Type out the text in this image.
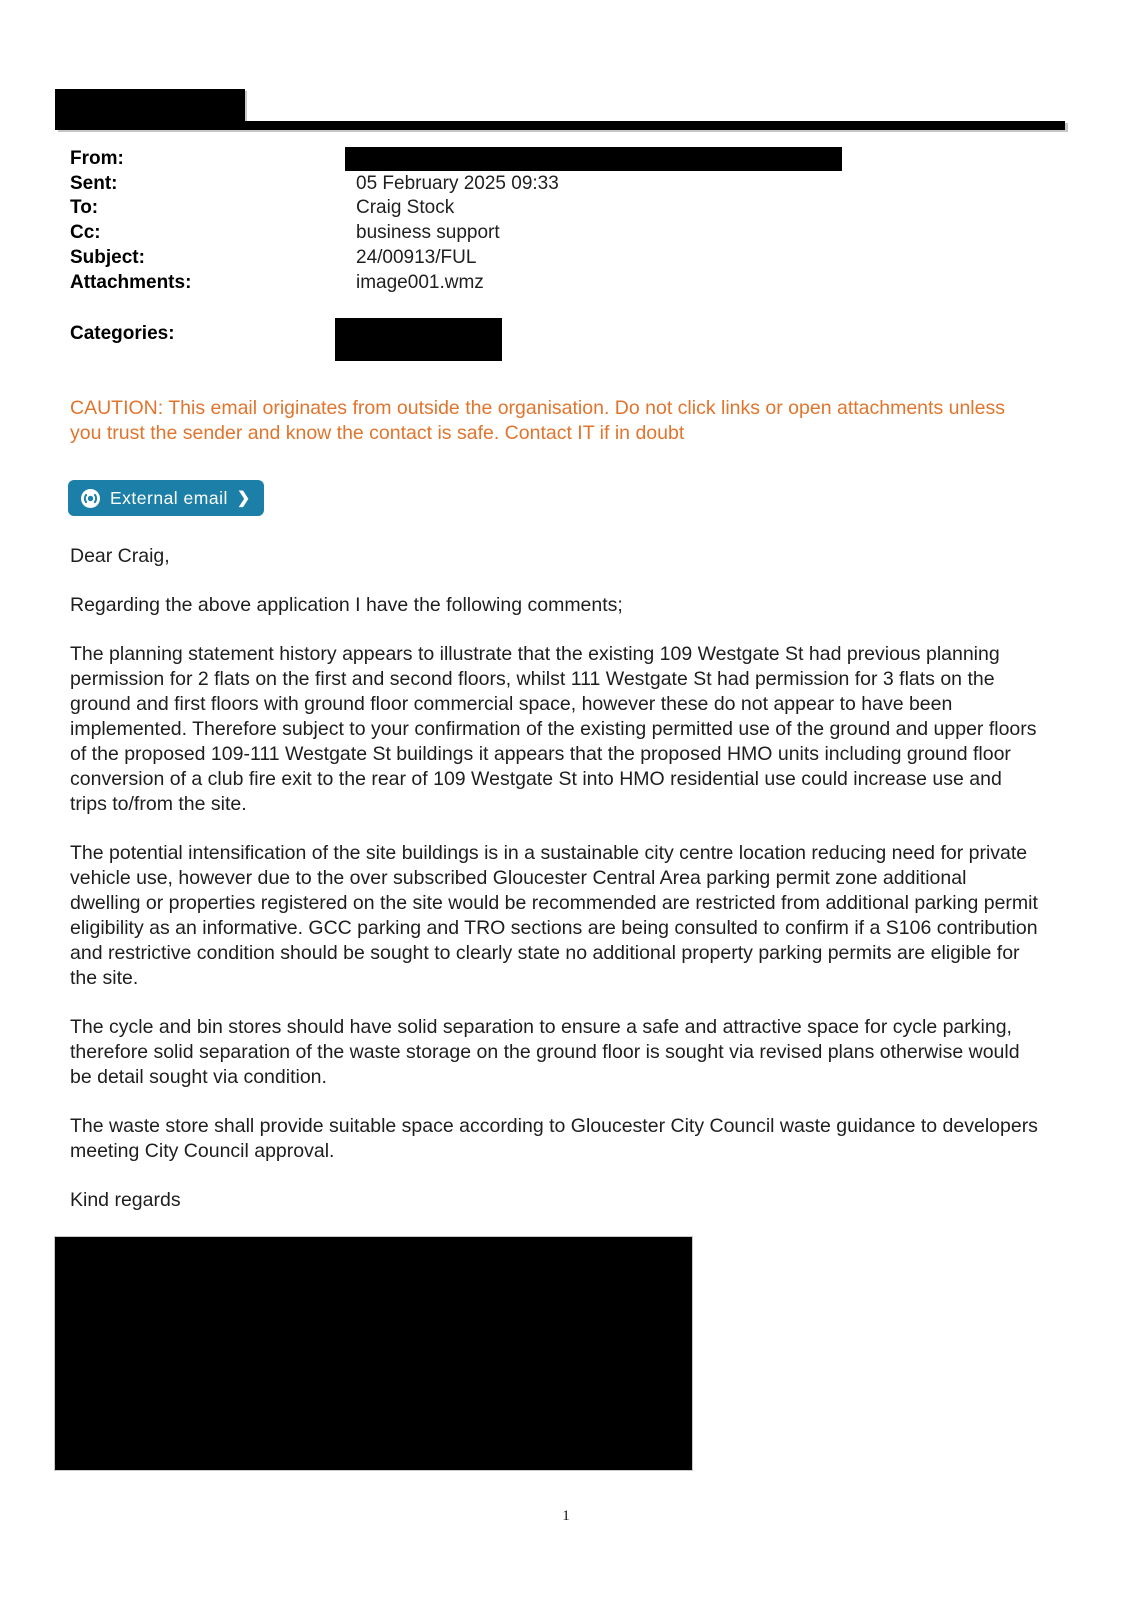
From:
Sent:	05 February 2025 09:33
To:	Craig Stock
Cc:	business support
Subject:	24/00913/FUL
Attachments:	image001.wmz
Categories:

CAUTION: This email originates from outside the organisation. Do not click links or open attachments unless you trust the sender and know the contact is safe. Contact IT if in doubt

External email ❯

Dear Craig,

Regarding the above application I have the following comments;

The planning statement history appears to illustrate that the existing 109 Westgate St had previous planning permission for 2 flats on the first and second floors, whilst 111 Westgate St had permission for 3 flats on the ground and first floors with ground floor commercial space, however these do not appear to have been implemented. Therefore subject to your confirmation of the existing permitted use of the ground and upper floors of the proposed 109-111 Westgate St buildings it appears that the proposed HMO units including ground floor conversion of a club fire exit to the rear of 109 Westgate St into HMO residential use could increase use and trips to/from the site.

The potential intensification of the site buildings is in a sustainable city centre location reducing need for private vehicle use, however due to the over subscribed Gloucester Central Area parking permit zone additional dwelling or properties registered on the site would be recommended are restricted from additional parking permit eligibility as an informative. GCC parking and TRO sections are being consulted to confirm if a S106 contribution and restrictive condition should be sought to clearly state no additional property parking permits are eligible for the site.

The cycle and bin stores should have solid separation to ensure a safe and attractive space for cycle parking, therefore solid separation of the waste storage on the ground floor is sought via revised plans otherwise would be detail sought via condition.

The waste store shall provide suitable space according to Gloucester City Council waste guidance to developers meeting City Council approval.

Kind regards

1
